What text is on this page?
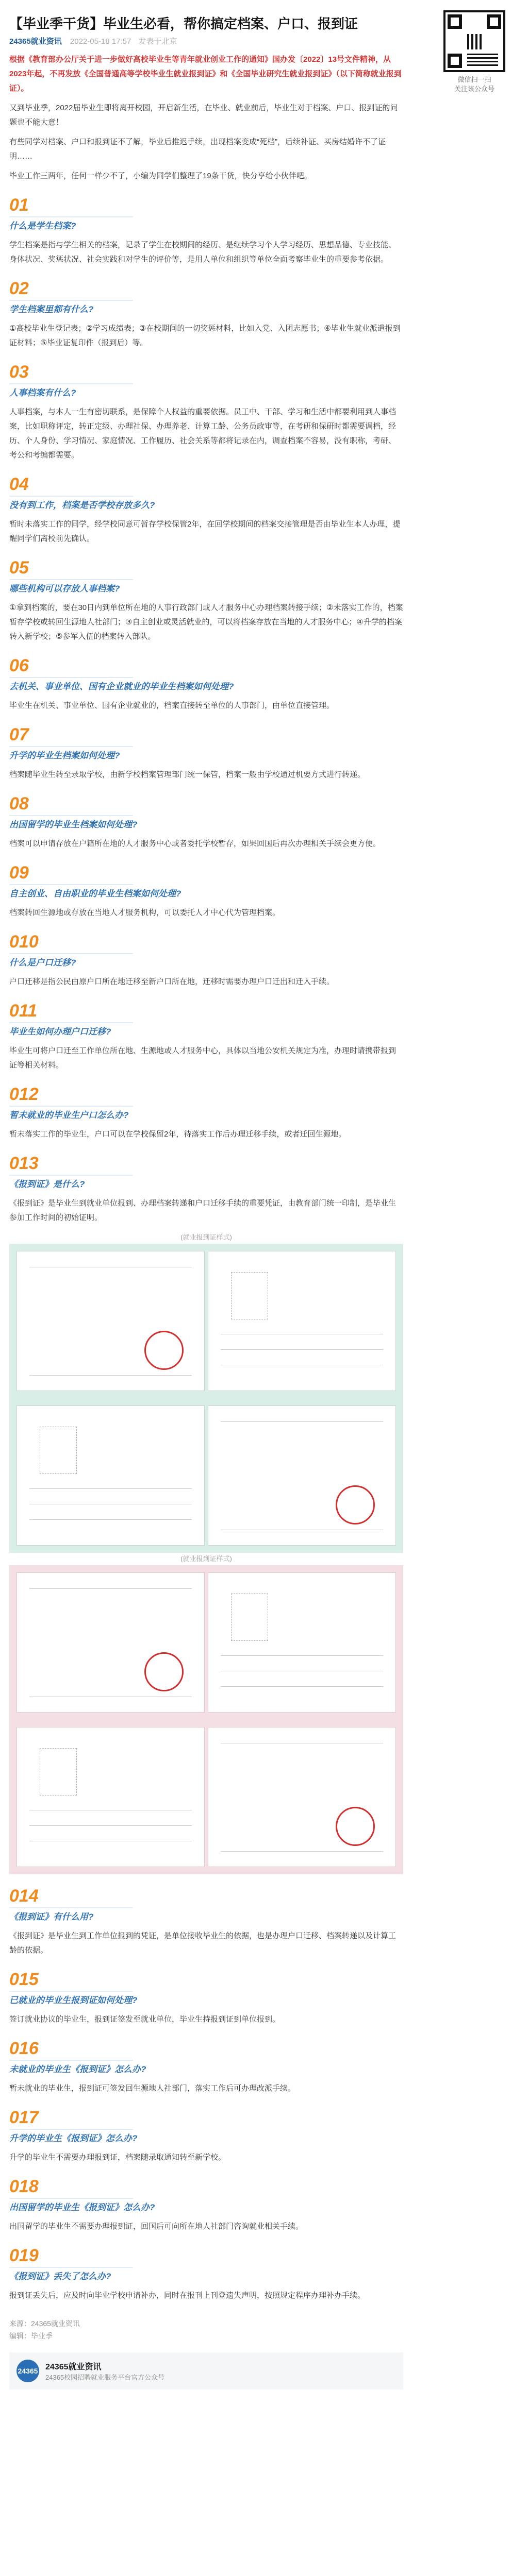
微信扫一扫
关注该公众号
【毕业季干货】毕业生必看，帮你搞定档案、户口、报到证
24365就业资讯 2022-05-18 17:57 发表于北京
根据《教育部办公厅关于进一步做好高校毕业生等青年就业创业工作的通知》国办发〔2022〕13号文件精神，从2023年起，不再发放《全国普通高等学校毕业生就业报到证》和《全国毕业研究生就业报到证》（以下简称就业报到证）。

又到毕业季，2022届毕业生即将离开校园，开启新生活，在毕业、就业前后，毕业生对于档案、户口、报到证的问题也不能大意！

有些同学对档案、户口和报到证不了解，毕业后推迟手续，出现档案变成“死档”，后续补证、买房结婚许不了证明……

毕业工作三两年，任何一样少不了，小编为同学们整理了19条干货，快分享给小伙伴吧。

01
什么是学生档案?

学生档案是指与学生相关的档案，记录了学生在校期间的经历、是继续学习个人学习经历、思想品德、专业技能、身体状况、奖惩状况、社会实践和对学生的评价等，是用人单位和组织等单位全面考察毕业生的重要参考依据。

02
学生档案里都有什么?

①高校毕业生登记表；②学习成绩表；③在校期间的一切奖惩材料，比如入党、入团志愿书；④毕业生就业派遣报到证材料；⑤毕业证复印件（报到后）等。

03
人事档案有什么?

人事档案，与本人一生有密切联系，是保障个人权益的重要依据。员工中、干部、学习和生活中都要利用到人事档案，比如职称评定，转正定级、办理社保、办理养老、计算工龄、公务员政审等，在考研和保研时都需要调档，经历、个人身份、学习情况、家庭情况、工作履历、社会关系等都将记录在内，调查档案不容易，没有职称，考研、考公和考编都需要。

04
没有到工作，档案是否学校存放多久?

暂时未落实工作的同学，经学校同意可暂存学校保管2年，在回学校期间的档案交接管理是否由毕业生本人办理，提醒同学们离校前先确认。

05
哪些机构可以存放人事档案?

①拿到档案的，要在30日内到单位所在地的人事行政部门或人才服务中心办理档案转接手续；②未落实工作的，档案暂存学校或转回生源地人社部门；③自主创业或灵活就业的，可以将档案存放在当地的人才服务中心；④升学的档案转入新学校；⑤参军入伍的档案转入部队。

06
去机关、事业单位、国有企业就业的毕业生档案如何处理?

毕业生在机关、事业单位、国有企业就业的，档案直接转至单位的人事部门，由单位直接管理。

07
升学的毕业生档案如何处理?

档案随毕业生转至录取学校，由新学校档案管理部门统一保管，档案一般由学校通过机要方式进行转递。

08
出国留学的毕业生档案如何处理?

档案可以申请存放在户籍所在地的人才服务中心或者委托学校暂存，如果回国后再次办理相关手续会更方便。

09
自主创业、自由职业的毕业生档案如何处理?

档案转回生源地或存放在当地人才服务机构，可以委托人才中心代为管理档案。

010
什么是户口迁移?

户口迁移是指公民由原户口所在地迁移至新户口所在地，迁移时需要办理户口迁出和迁入手续。

011
毕业生如何办理户口迁移?

毕业生可将户口迁至工作单位所在地、生源地或人才服务中心，具体以当地公安机关规定为准，办理时请携带报到证等相关材料。

012
暂未就业的毕业生户口怎么办?

暂未落实工作的毕业生，户口可以在学校保留2年，待落实工作后办理迁移手续，或者迁回生源地。

013
《报到证》是什么?

《报到证》是毕业生到就业单位报到、办理档案转递和户口迁移手续的重要凭证，由教育部门统一印制，是毕业生参加工作时间的初始证明。

(就业报到证样式)
(就业报到证样式)
014
《报到证》有什么用?

《报到证》是毕业生到工作单位报到的凭证，是单位接收毕业生的依据，也是办理户口迁移、档案转递以及计算工龄的依据。

015
已就业的毕业生报到证如何处理?

签订就业协议的毕业生，报到证签发至就业单位，毕业生持报到证到单位报到。

016
未就业的毕业生《报到证》怎么办?

暂未就业的毕业生，报到证可签发回生源地人社部门，落实工作后可办理改派手续。

017
升学的毕业生《报到证》怎么办?

升学的毕业生不需要办理报到证，档案随录取通知转至新学校。

018
出国留学的毕业生《报到证》怎么办?

出国留学的毕业生不需要办理报到证，回国后可向所在地人社部门咨询就业相关手续。

019
《报到证》丢失了怎么办?

报到证丢失后，应及时向毕业学校申请补办，同时在报刊上刊登遗失声明，按照规定程序办理补办手续。

来源：24365就业资讯
编辑：毕业季
24365 24365就业资讯
24365校园招聘就业服务平台官方公众号
